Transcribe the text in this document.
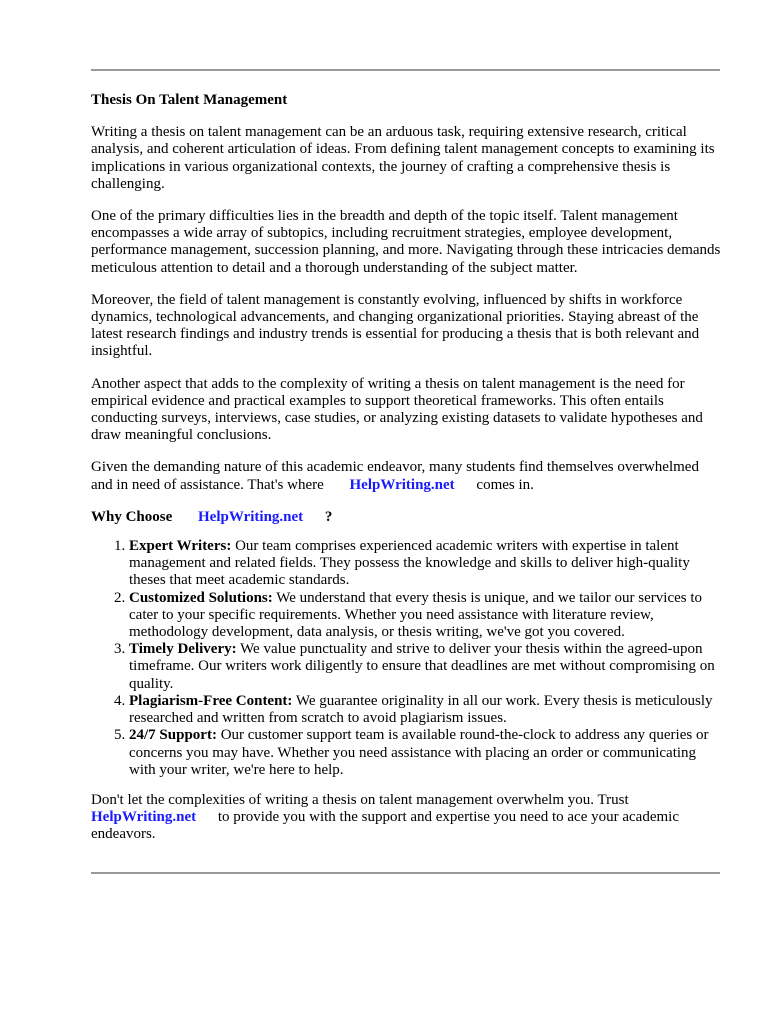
Thesis On Talent Management

Writing a thesis on talent management can be an arduous task, requiring extensive research, critical analysis, and coherent articulation of ideas. From defining talent management concepts to examining its implications in various organizational contexts, the journey of crafting a comprehensive thesis is challenging.

One of the primary difficulties lies in the breadth and depth of the topic itself. Talent management encompasses a wide array of subtopics, including recruitment strategies, employee development, performance management, succession planning, and more. Navigating through these intricacies demands meticulous attention to detail and a thorough understanding of the subject matter.

Moreover, the field of talent management is constantly evolving, influenced by shifts in workforce dynamics, technological advancements, and changing organizational priorities. Staying abreast of the latest research findings and industry trends is essential for producing a thesis that is both relevant and insightful.

Another aspect that adds to the complexity of writing a thesis on talent management is the need for empirical evidence and practical examples to support theoretical frameworks. This often entails conducting surveys, interviews, case studies, or analyzing existing datasets to validate hypotheses and draw meaningful conclusions.

Given the demanding nature of this academic endeavor, many students find themselves overwhelmed and in need of assistance. That's where HelpWriting.net comes in.

Why Choose HelpWriting.net ?
1. Expert Writers: Our team comprises experienced academic writers with expertise in talent management and related fields. They possess the knowledge and skills to deliver high-quality theses that meet academic standards.
2. Customized Solutions: We understand that every thesis is unique, and we tailor our services to cater to your specific requirements. Whether you need assistance with literature review, methodology development, data analysis, or thesis writing, we've got you covered.
3. Timely Delivery: We value punctuality and strive to deliver your thesis within the agreed-upon timeframe. Our writers work diligently to ensure that deadlines are met without compromising on quality.
4. Plagiarism-Free Content: We guarantee originality in all our work. Every thesis is meticulously researched and written from scratch to avoid plagiarism issues.
5. 24/7 Support: Our customer support team is available round-the-clock to address any queries or concerns you may have. Whether you need assistance with placing an order or communicating with your writer, we're here to help.

Don't let the complexities of writing a thesis on talent management overwhelm you. Trust
HelpWriting.net to provide you with the support and expertise you need to ace your academic endeavors.
